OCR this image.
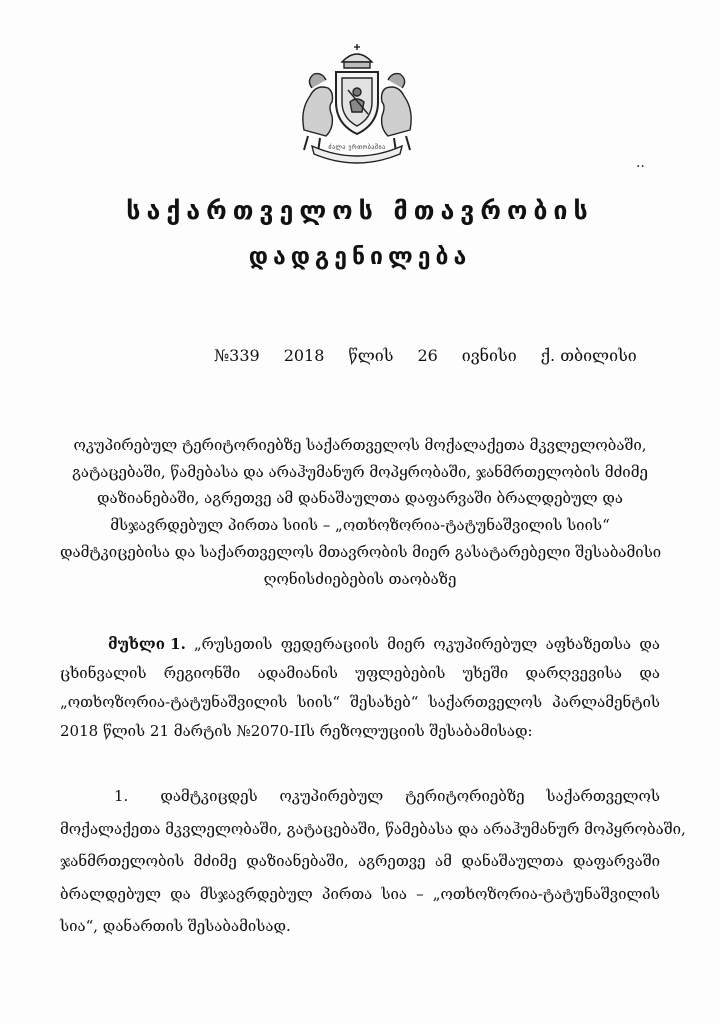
ძალა ერთობაშია
..
საქართველოს მთავრობის
დადგენილება
№339 2018 წლის 26 ივნისი ქ. თბილისი
ოკუპირებულ ტერიტორიებზე საქართველოს მოქალაქეთა მკვლელობაში,
გატაცებაში, წამებასა და არაჰუმანურ მოპყრობაში, ჯანმრთელობის მძიმე
დაზიანებაში, აგრეთვე ამ დანაშაულთა დაფარვაში ბრალდებულ და
მსჯავრდებულ პირთა სიის – „ოთხოზორია-ტატუნაშვილის სიის“
დამტკიცებისა და საქართველოს მთავრობის მიერ გასატარებელი შესაბამისი
ღონისძიებების თაობაზე
მუხლი 1. „რუსეთის ფედერაციის მიერ ოკუპირებულ აფხაზეთსა და
ცხინვალის რეგიონში ადამიანის უფლებების უხეში დარღვევისა და
„ოთხოზორია-ტატუნაშვილის სიის“ შესახებ“ საქართველოს პარლამენტის
2018 წლის 21 მარტის №2070-IIს რეზოლუციის შესაბამისად:
1. დამტკიცდეს ოკუპირებულ ტერიტორიებზე საქართველოს
მოქალაქეთა მკვლელობაში, გატაცებაში, წამებასა და არაჰუმანურ მოპყრობაში,
ჯანმრთელობის მძიმე დაზიანებაში, აგრეთვე ამ დანაშაულთა დაფარვაში
ბრალდებულ და მსჯავრდებულ პირთა სია – „ოთხოზორია-ტატუნაშვილის
სია“, დანართის შესაბამისად.
